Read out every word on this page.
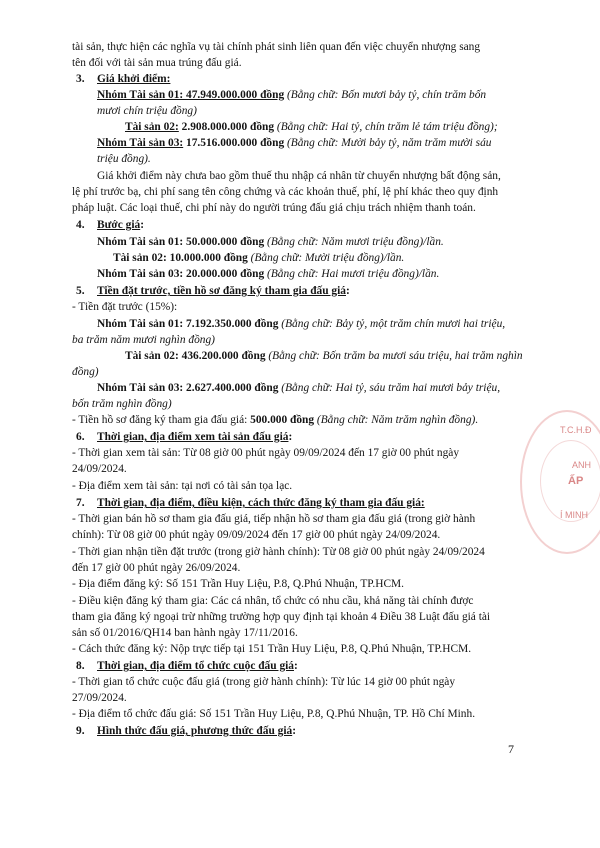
T.C.H.Đ
ẤP
ANH
Í MINH
tài sản, thực hiện các nghĩa vụ tài chính phát sinh liên quan đến việc chuyển nhượng sang
tên đối với tài sản mua trúng đấu giá.
3. Giá khởi điểm:
Nhóm Tài sản 01: 47.949.000.000 đồng (Bằng chữ: Bốn mươi bảy tỷ, chín trăm bốn
mươi chín triệu đồng)
Tài sản 02: 2.908.000.000 đồng (Bằng chữ: Hai tỷ, chín trăm lẻ tám triệu đồng);
Nhóm Tài sản 03: 17.516.000.000 đồng (Bằng chữ: Mười bảy tỷ, năm trăm mười sáu
triệu đồng).
Giá khởi điểm này chưa bao gồm thuế thu nhập cá nhân từ chuyển nhượng bất động sản,
lệ phí trước bạ, chi phí sang tên công chứng và các khoản thuế, phí, lệ phí khác theo quy định
pháp luật. Các loại thuế, chi phí này do người trúng đấu giá chịu trách nhiệm thanh toán.
4. Bước giá:
Nhóm Tài sản 01: 50.000.000 đồng (Bằng chữ: Năm mươi triệu đồng)/lần.
Tài sản 02: 10.000.000 đồng (Bằng chữ: Mười triệu đồng)/lần.
Nhóm Tài sản 03: 20.000.000 đồng (Bằng chữ: Hai mươi triệu đồng)/lần.
5. Tiền đặt trước, tiền hồ sơ đăng ký tham gia đấu giá:
- Tiền đặt trước (15%):
Nhóm Tài sản 01: 7.192.350.000 đồng (Bằng chữ: Bảy tỷ, một trăm chín mươi hai triệu,
ba trăm năm mươi nghìn đồng)
Tài sản 02: 436.200.000 đồng (Bằng chữ: Bốn trăm ba mươi sáu triệu, hai trăm nghìn
đồng)
Nhóm Tài sản 03: 2.627.400.000 đồng (Bằng chữ: Hai tỷ, sáu trăm hai mươi bảy triệu,
bốn trăm nghìn đồng)
- Tiền hồ sơ đăng ký tham gia đấu giá: 500.000 đồng (Bằng chữ: Năm trăm nghìn đồng).
6. Thời gian, địa điểm xem tài sản đấu giá:
- Thời gian xem tài sản: Từ 08 giờ 00 phút ngày 09/09/2024 đến 17 giờ 00 phút ngày
24/09/2024.
- Địa điểm xem tài sản: tại nơi có tài sản tọa lạc.
7. Thời gian, địa điểm, điều kiện, cách thức đăng ký tham gia đấu giá:
- Thời gian bán hồ sơ tham gia đấu giá, tiếp nhận hồ sơ tham gia đấu giá (trong giờ hành
chính): Từ 08 giờ 00 phút ngày 09/09/2024 đến 17 giờ 00 phút ngày 24/09/2024.
- Thời gian nhận tiền đặt trước (trong giờ hành chính): Từ 08 giờ 00 phút ngày 24/09/2024
đến 17 giờ 00 phút ngày 26/09/2024.
- Địa điểm đăng ký: Số 151 Trần Huy Liệu, P.8, Q.Phú Nhuận, TP.HCM.
- Điều kiện đăng ký tham gia: Các cá nhân, tổ chức có nhu cầu, khả năng tài chính được
tham gia đăng ký ngoại trừ những trường hợp quy định tại khoản 4 Điều 38 Luật đấu giá tài
sản số 01/2016/QH14 ban hành ngày 17/11/2016.
- Cách thức đăng ký: Nộp trực tiếp tại 151 Trần Huy Liệu, P.8, Q.Phú Nhuận, TP.HCM.
8. Thời gian, địa điểm tổ chức cuộc đấu giá:
- Thời gian tổ chức cuộc đấu giá (trong giờ hành chính): Từ lúc 14 giờ 00 phút ngày
27/09/2024.
- Địa điểm tổ chức đấu giá: Số 151 Trần Huy Liệu, P.8, Q.Phú Nhuận, TP. Hồ Chí Minh.
9. Hình thức đấu giá, phương thức đấu giá:
7
